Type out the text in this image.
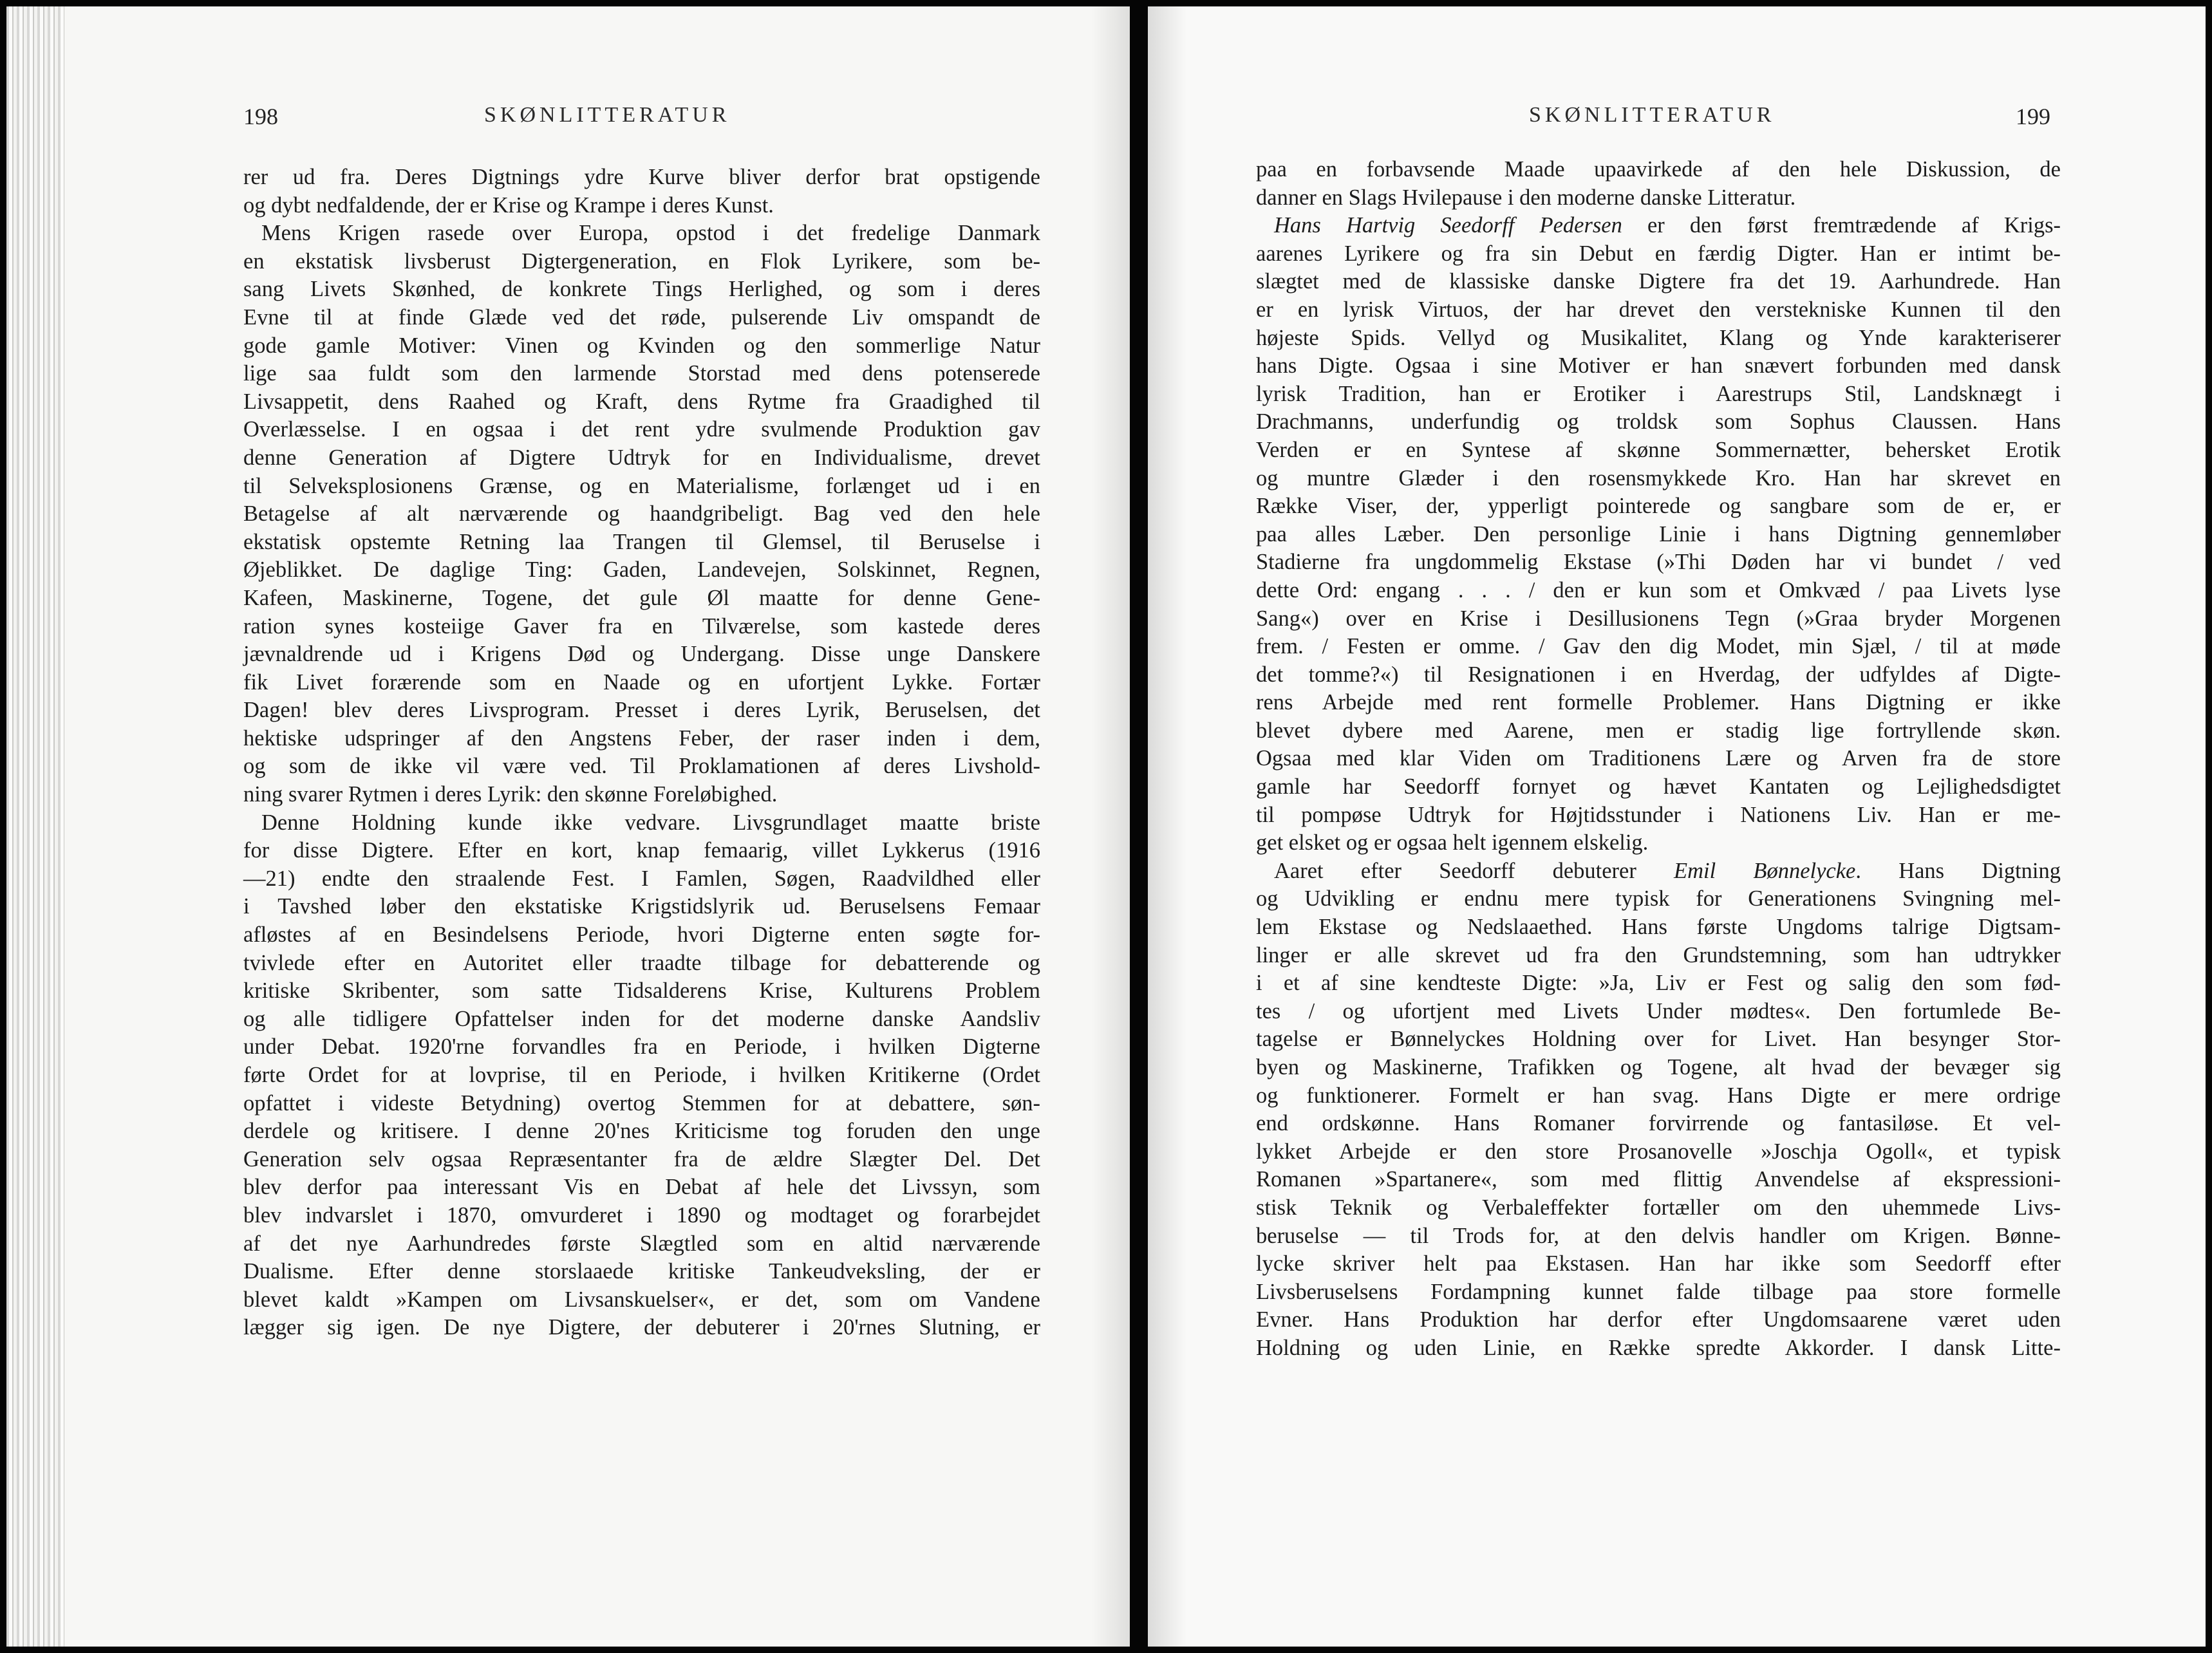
198	SKØNLITTERATUR
rer ud fra. Deres Digtnings ydre Kurve bliver derfor brat opstigende
og dybt nedfaldende, der er Krise og Krampe i deres Kunst.
Mens Krigen rasede over Europa, opstod i det fredelige Danmark
en ekstatisk livsberust Digtergeneration, en Flok Lyrikere, som be-
sang Livets Skønhed, de konkrete Tings Herlighed, og som i deres
Evne til at finde Glæde ved det røde, pulserende Liv omspandt de
gode gamle Motiver: Vinen og Kvinden og den sommerlige Natur
lige saa fuldt som den larmende Storstad med dens potenserede
Livsappetit, dens Raahed og Kraft, dens Rytme fra Graadighed til
Overlæsselse. I en ogsaa i det rent ydre svulmende Produktion gav
denne Generation af Digtere Udtryk for en Individualisme, drevet
til Selveksplosionens Grænse, og en Materialisme, forlænget ud i en
Betagelse af alt nærværende og haandgribeligt. Bag ved den hele
ekstatisk opstemte Retning laa Trangen til Glemsel, til Beruselse i
Øjeblikket. De daglige Ting: Gaden, Landevejen, Solskinnet, Regnen,
Kafeen, Maskinerne, Togene, det gule Øl maatte for denne Gene-
ration synes kosteiige Gaver fra en Tilværelse, som kastede deres
jævnaldrende ud i Krigens Død og Undergang. Disse unge Danskere
fik Livet forærende som en Naade og en ufortjent Lykke. Fortær
Dagen! blev deres Livsprogram. Presset i deres Lyrik, Beruselsen, det
hektiske udspringer af den Angstens Feber, der raser inden i dem,
og som de ikke vil være ved. Til Proklamationen af deres Livshold-
ning svarer Rytmen i deres Lyrik: den skønne Foreløbighed.
Denne Holdning kunde ikke vedvare. Livsgrundlaget maatte briste
for disse Digtere. Efter en kort, knap femaarig, villet Lykkerus (1916
—21) endte den straalende Fest. I Famlen, Søgen, Raadvildhed eller
i Tavshed løber den ekstatiske Krigstidslyrik ud. Beruselsens Femaar
afløstes af en Besindelsens Periode, hvori Digterne enten søgte for-
tvivlede efter en Autoritet eller traadte tilbage for debatterende og
kritiske Skribenter, som satte Tidsalderens Krise, Kulturens Problem
og alle tidligere Opfattelser inden for det moderne danske Aandsliv
under Debat. 1920'rne forvandles fra en Periode, i hvilken Digterne
førte Ordet for at lovprise, til en Periode, i hvilken Kritikerne (Ordet
opfattet i videste Betydning) overtog Stemmen for at debattere, søn-
derdele og kritisere. I denne 20'nes Kriticisme tog foruden den unge
Generation selv ogsaa Repræsentanter fra de ældre Slægter Del. Det
blev derfor paa interessant Vis en Debat af hele det Livssyn, som
blev indvarslet i 1870, omvurderet i 1890 og modtaget og forarbejdet
af det nye Aarhundredes første Slægtled som en altid nærværende
Dualisme. Efter denne storslaaede kritiske Tankeudveksling, der er
blevet kaldt »Kampen om Livsanskuelser«, er det, som om Vandene
lægger sig igen. De nye Digtere, der debuterer i 20'rnes Slutning, er
SKØNLITTERATUR	199
paa en forbavsende Maade upaavirkede af den hele Diskussion, de
danner en Slags Hvilepause i den moderne danske Litteratur.
Hans Hartvig Seedorff Pedersen er den først fremtrædende af Krigs-
aarenes Lyrikere og fra sin Debut en færdig Digter. Han er intimt be-
slægtet med de klassiske danske Digtere fra det 19. Aarhundrede. Han
er en lyrisk Virtuos, der har drevet den verstekniske Kunnen til den
højeste Spids. Vellyd og Musikalitet, Klang og Ynde karakteriserer
hans Digte. Ogsaa i sine Motiver er han snævert forbunden med dansk
lyrisk Tradition, han er Erotiker i Aarestrups Stil, Landsknægt i
Drachmanns, underfundig og troldsk som Sophus Claussen. Hans
Verden er en Syntese af skønne Sommernætter, behersket Erotik
og muntre Glæder i den rosensmykkede Kro. Han har skrevet en
Række Viser, der, ypperligt pointerede og sangbare som de er, er
paa alles Læber. Den personlige Linie i hans Digtning gennemløber
Stadierne fra ungdommelig Ekstase (»Thi Døden har vi bundet / ved
dette Ord: engang . . . / den er kun som et Omkvæd / paa Livets lyse
Sang«) over en Krise i Desillusionens Tegn (»Graa bryder Morgenen
frem. / Festen er omme. / Gav den dig Modet, min Sjæl, / til at møde
det tomme?«) til Resignationen i en Hverdag, der udfyldes af Digte-
rens Arbejde med rent formelle Problemer. Hans Digtning er ikke
blevet dybere med Aarene, men er stadig lige fortryllende skøn.
Ogsaa med klar Viden om Traditionens Lære og Arven fra de store
gamle har Seedorff fornyet og hævet Kantaten og Lejlighedsdigtet
til pompøse Udtryk for Højtidsstunder i Nationens Liv. Han er me-
get elsket og er ogsaa helt igennem elskelig.
Aaret efter Seedorff debuterer Emil Bønnelycke. Hans Digtning
og Udvikling er endnu mere typisk for Generationens Svingning mel-
lem Ekstase og Nedslaaethed. Hans første Ungdoms talrige Digtsam-
linger er alle skrevet ud fra den Grundstemning, som han udtrykker
i et af sine kendteste Digte: »Ja, Liv er Fest og salig den som fød-
tes / og ufortjent med Livets Under mødtes«. Den fortumlede Be-
tagelse er Bønnelyckes Holdning over for Livet. Han besynger Stor-
byen og Maskinerne, Trafikken og Togene, alt hvad der bevæger sig
og funktionerer. Formelt er han svag. Hans Digte er mere ordrige
end ordskønne. Hans Romaner forvirrende og fantasiløse. Et vel-
lykket Arbejde er den store Prosanovelle »Joschja Ogoll«, et typisk
Romanen »Spartanere«, som med flittig Anvendelse af ekspressioni-
stisk Teknik og Verbaleffekter fortæller om den uhemmede Livs-
beruselse — til Trods for, at den delvis handler om Krigen. Bønne-
lycke skriver helt paa Ekstasen. Han har ikke som Seedorff efter
Livsberuselsens Fordampning kunnet falde tilbage paa store formelle
Evner. Hans Produktion har derfor efter Ungdomsaarene været uden
Holdning og uden Linie, en Række spredte Akkorder. I dansk Litte-
